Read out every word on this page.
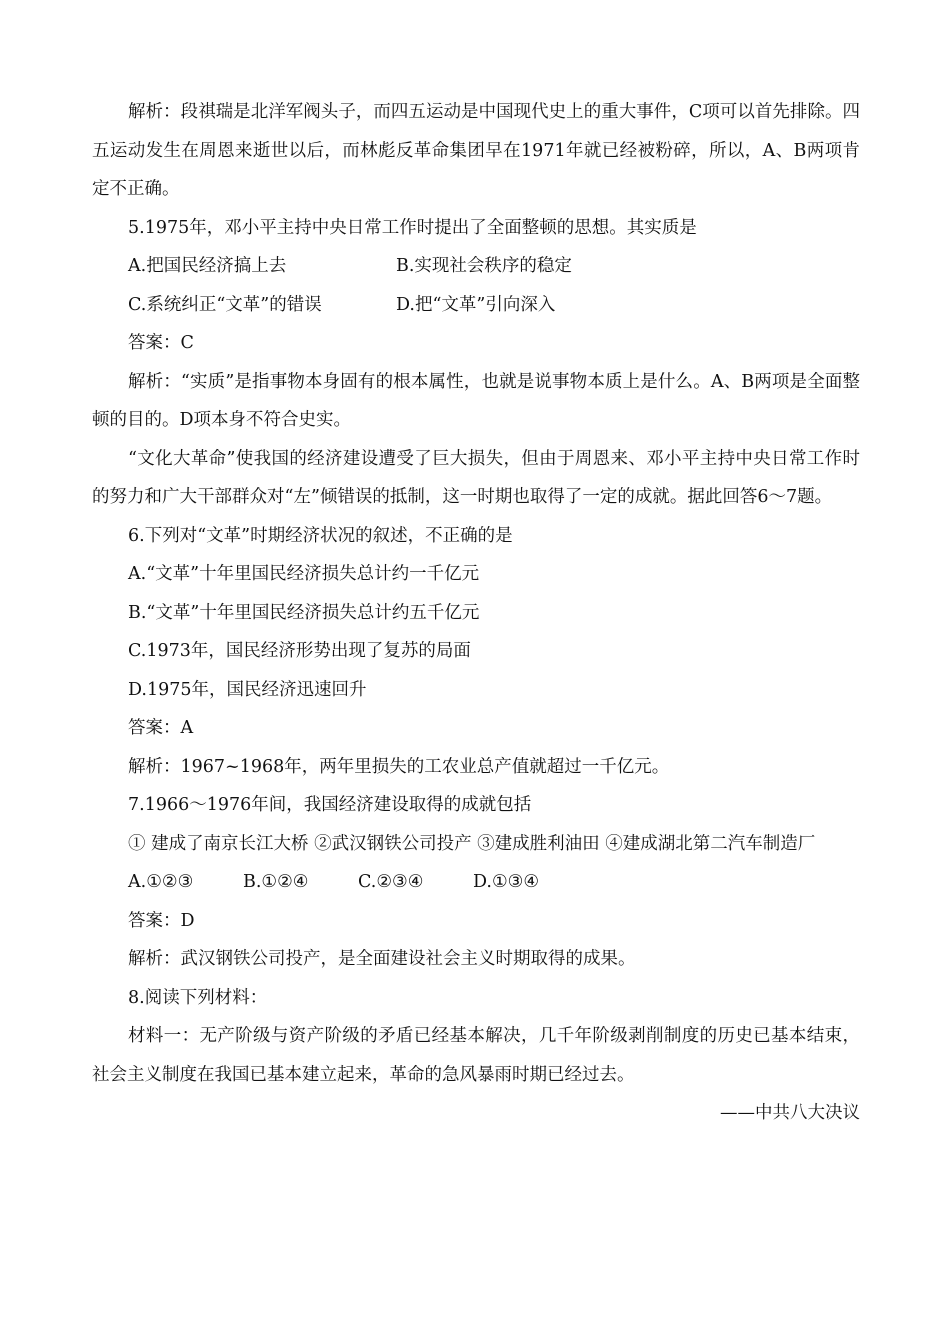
解析：段祺瑞是北洋军阀头子，而四五运动是中国现代史上的重大事件，C项可以首先排除。四五运动发生在周恩来逝世以后，而林彪反革命集团早在1971年就已经被粉碎，所以，A、B两项肯定不正确。

5.1975年，邓小平主持中央日常工作时提出了全面整顿的思想。其实质是

A.把国民经济搞上去	B.实现社会秩序的稳定
C.系统纠正“文革”的错误	D.把“文革”引向深入

答案：C

解析：“实质”是指事物本身固有的根本属性，也就是说事物本质上是什么。A、B两项是全面整顿的目的。D项本身不符合史实。

“文化大革命”使我国的经济建设遭受了巨大损失，但由于周恩来、邓小平主持中央日常工作时的努力和广大干部群众对“左”倾错误的抵制，这一时期也取得了一定的成就。据此回答6～7题。

6.下列对“文革”时期经济状况的叙述，不正确的是

A.“文革”十年里国民经济损失总计约一千亿元

B.“文革”十年里国民经济损失总计约五千亿元

C.1973年，国民经济形势出现了复苏的局面

D.1975年，国民经济迅速回升

答案：A

解析：1967~1968年，两年里损失的工农业总产值就超过一千亿元。

7.1966～1976年间，我国经济建设取得的成就包括

① 建成了南京长江大桥 ②武汉钢铁公司投产 ③建成胜利油田 ④建成湖北第二汽车制造厂

A.①②③	B.①②④	C.②③④	D.①③④

答案：D

解析：武汉钢铁公司投产，是全面建设社会主义时期取得的成果。

8.阅读下列材料：

材料一：无产阶级与资产阶级的矛盾已经基本解决，几千年阶级剥削制度的历史已基本结束，社会主义制度在我国已基本建立起来，革命的急风暴雨时期已经过去。

——中共八大决议
